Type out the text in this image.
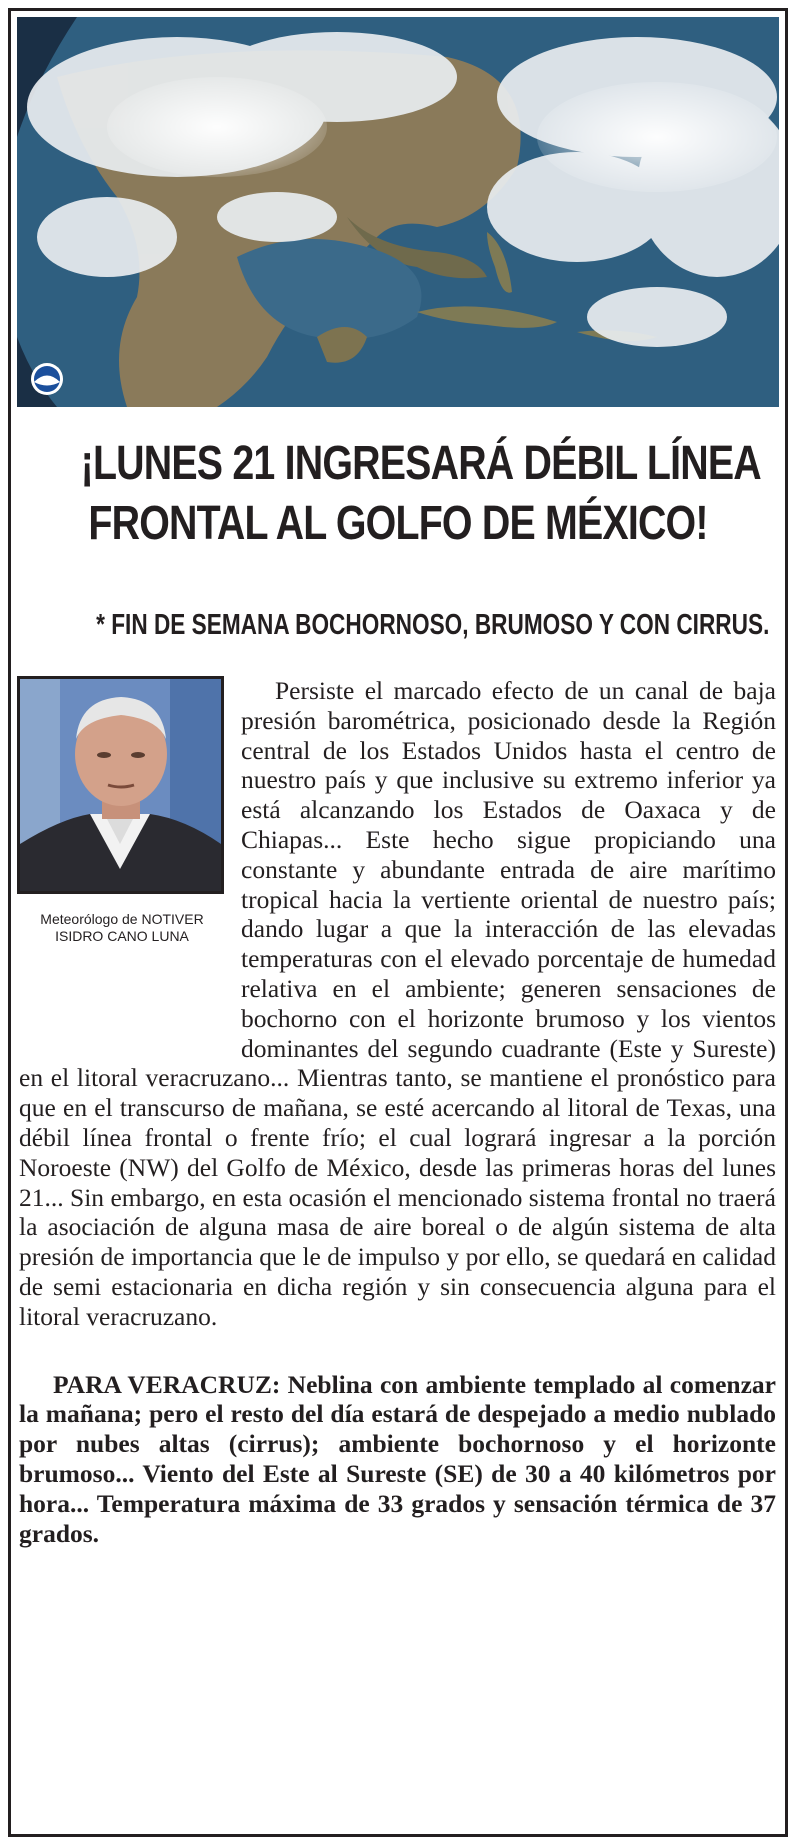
¡LUNES 21 INGRESARÁ DÉBIL LÍNEA
FRONTAL AL GOLFO DE MÉXICO!
* FIN DE SEMANA BOCHORNOSO, BRUMOSO Y CON CIRRUS.
Meteorólogo de NOTIVER
ISIDRO CANO LUNA

Persiste el marcado efecto de un canal de baja presión barométrica, posicionado desde la Región central de los Estados Unidos hasta el centro de nuestro país y que inclusive su extremo inferior ya está alcanzando los Estados de Oaxaca y de Chiapas... Este hecho sigue propiciando una constante y abundante entrada de aire marítimo tropical hacia la vertiente oriental de nuestro país; dando lugar a que la interacción de las elevadas temperaturas con el elevado porcentaje de humedad relativa en el ambiente; generen sensaciones de bochorno con el horizonte brumoso y los vientos dominantes del segundo cuadrante (Este y Sureste) en el litoral veracruzano... Mientras tanto, se mantiene el pronóstico para que en el transcurso de mañana, se esté acercando al litoral de Texas, una débil línea frontal o frente frío; el cual logrará ingresar a la porción Noroeste (NW) del Golfo de México, desde las primeras horas del lunes 21... Sin embargo, en esta ocasión el mencionado sistema frontal no traerá la asociación de alguna masa de aire boreal o de algún sistema de alta presión de importancia que le de impulso y por ello, se quedará en calidad de semi estacionaria en dicha región y sin consecuencia alguna para el litoral veracruzano.

PARA VERACRUZ: Neblina con ambiente templado al comenzar la mañana; pero el resto del día estará de despejado a medio nublado por nubes altas (cirrus); ambiente bochornoso y el horizonte brumoso... Viento del Este al Sureste (SE) de 30 a 40 kilómetros por hora... Temperatura máxima de 33 grados y sensación térmica de 37 grados.
